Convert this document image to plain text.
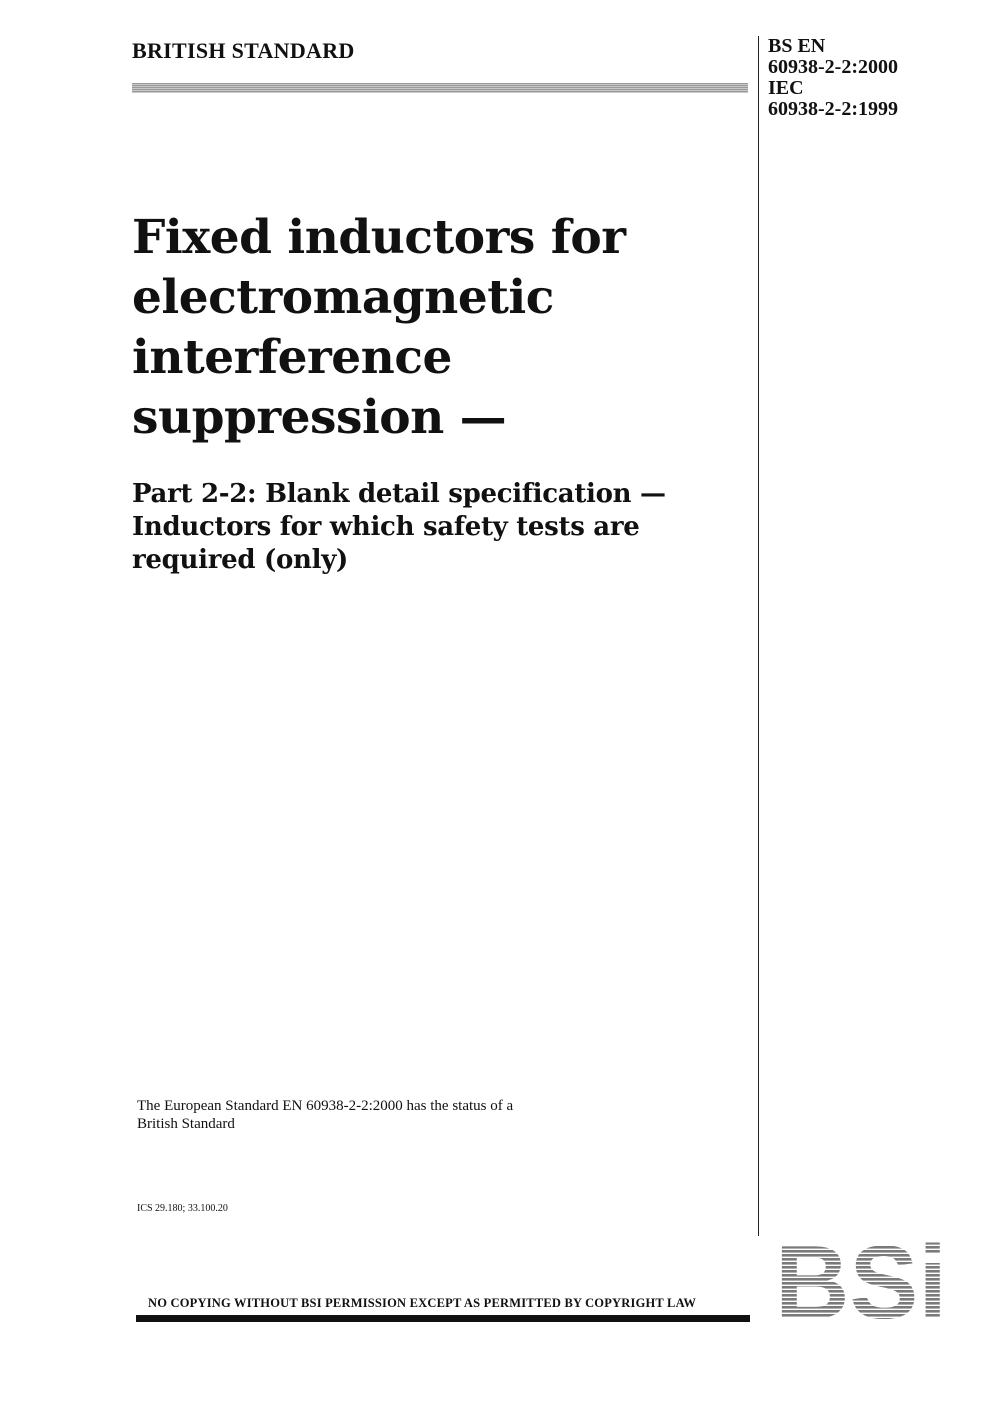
BRITISH STANDARD	BS EN
60938-2-2:2000
IEC
60938-2-2:1999
Fixed inductors for
electromagnetic
interference
suppression —
Part 2-2: Blank detail specification —
Inductors for which safety tests are
required (only)
The European Standard EN 60938-2-2:2000 has the status of a
British Standard
ICS 29.180; 33.100.20
NO COPYING WITHOUT BSI PERMISSION EXCEPT AS PERMITTED BY COPYRIGHT LAW
